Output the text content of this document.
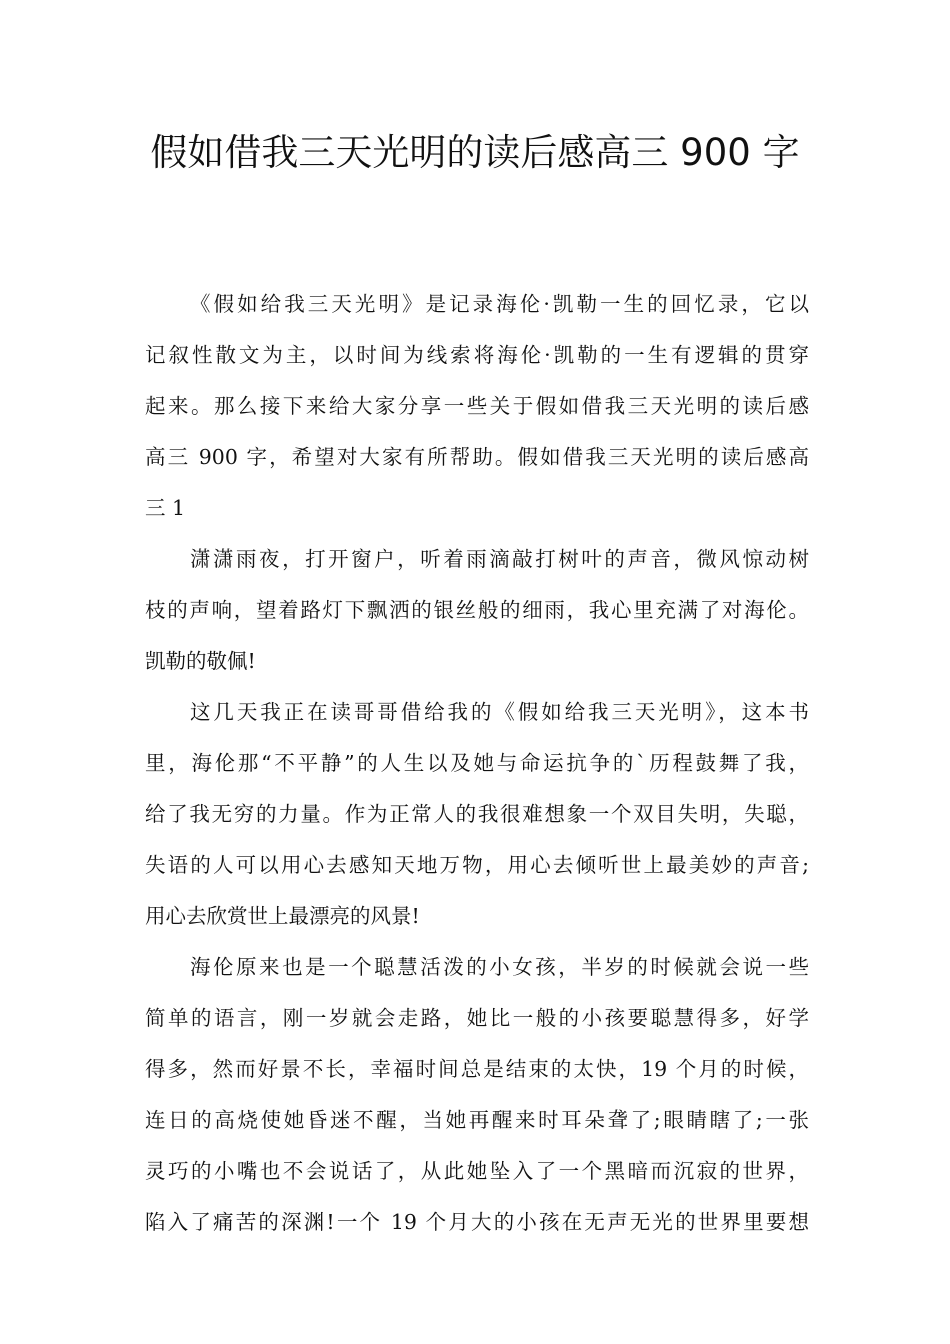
假如借我三天光明的读后感高三 900 字
《假如给我三天光明》是记录海伦·凯勒一生的回忆录，它以
记叙性散文为主，以时间为线索将海伦·凯勒的一生有逻辑的贯穿
起来。那么接下来给大家分享一些关于假如借我三天光明的读后感
高三 900 字，希望对大家有所帮助。假如借我三天光明的读后感高
三 1
潇潇雨夜，打开窗户，听着雨滴敲打树叶的声音，微风惊动树
枝的声响，望着路灯下飘洒的银丝般的细雨，我心里充满了对海伦。
凯勒的敬佩!
这几天我正在读哥哥借给我的《假如给我三天光明》，这本书
里，海伦那“不平静”的人生以及她与命运抗争的`历程鼓舞了我，
给了我无穷的力量。作为正常人的我很难想象一个双目失明，失聪，
失语的人可以用心去感知天地万物，用心去倾听世上最美妙的声音;
用心去欣赏世上最漂亮的风景!
海伦原来也是一个聪慧活泼的小女孩，半岁的时候就会说一些
简单的语言，刚一岁就会走路，她比一般的小孩要聪慧得多，好学
得多，然而好景不长，幸福时间总是结束的太快，19 个月的时候，
连日的高烧使她昏迷不醒，当她再醒来时耳朵聋了;眼睛瞎了;一张
灵巧的小嘴也不会说话了，从此她坠入了一个黑暗而沉寂的世界，
陷入了痛苦的深渊!一个 19 个月大的小孩在无声无光的世界里要想
